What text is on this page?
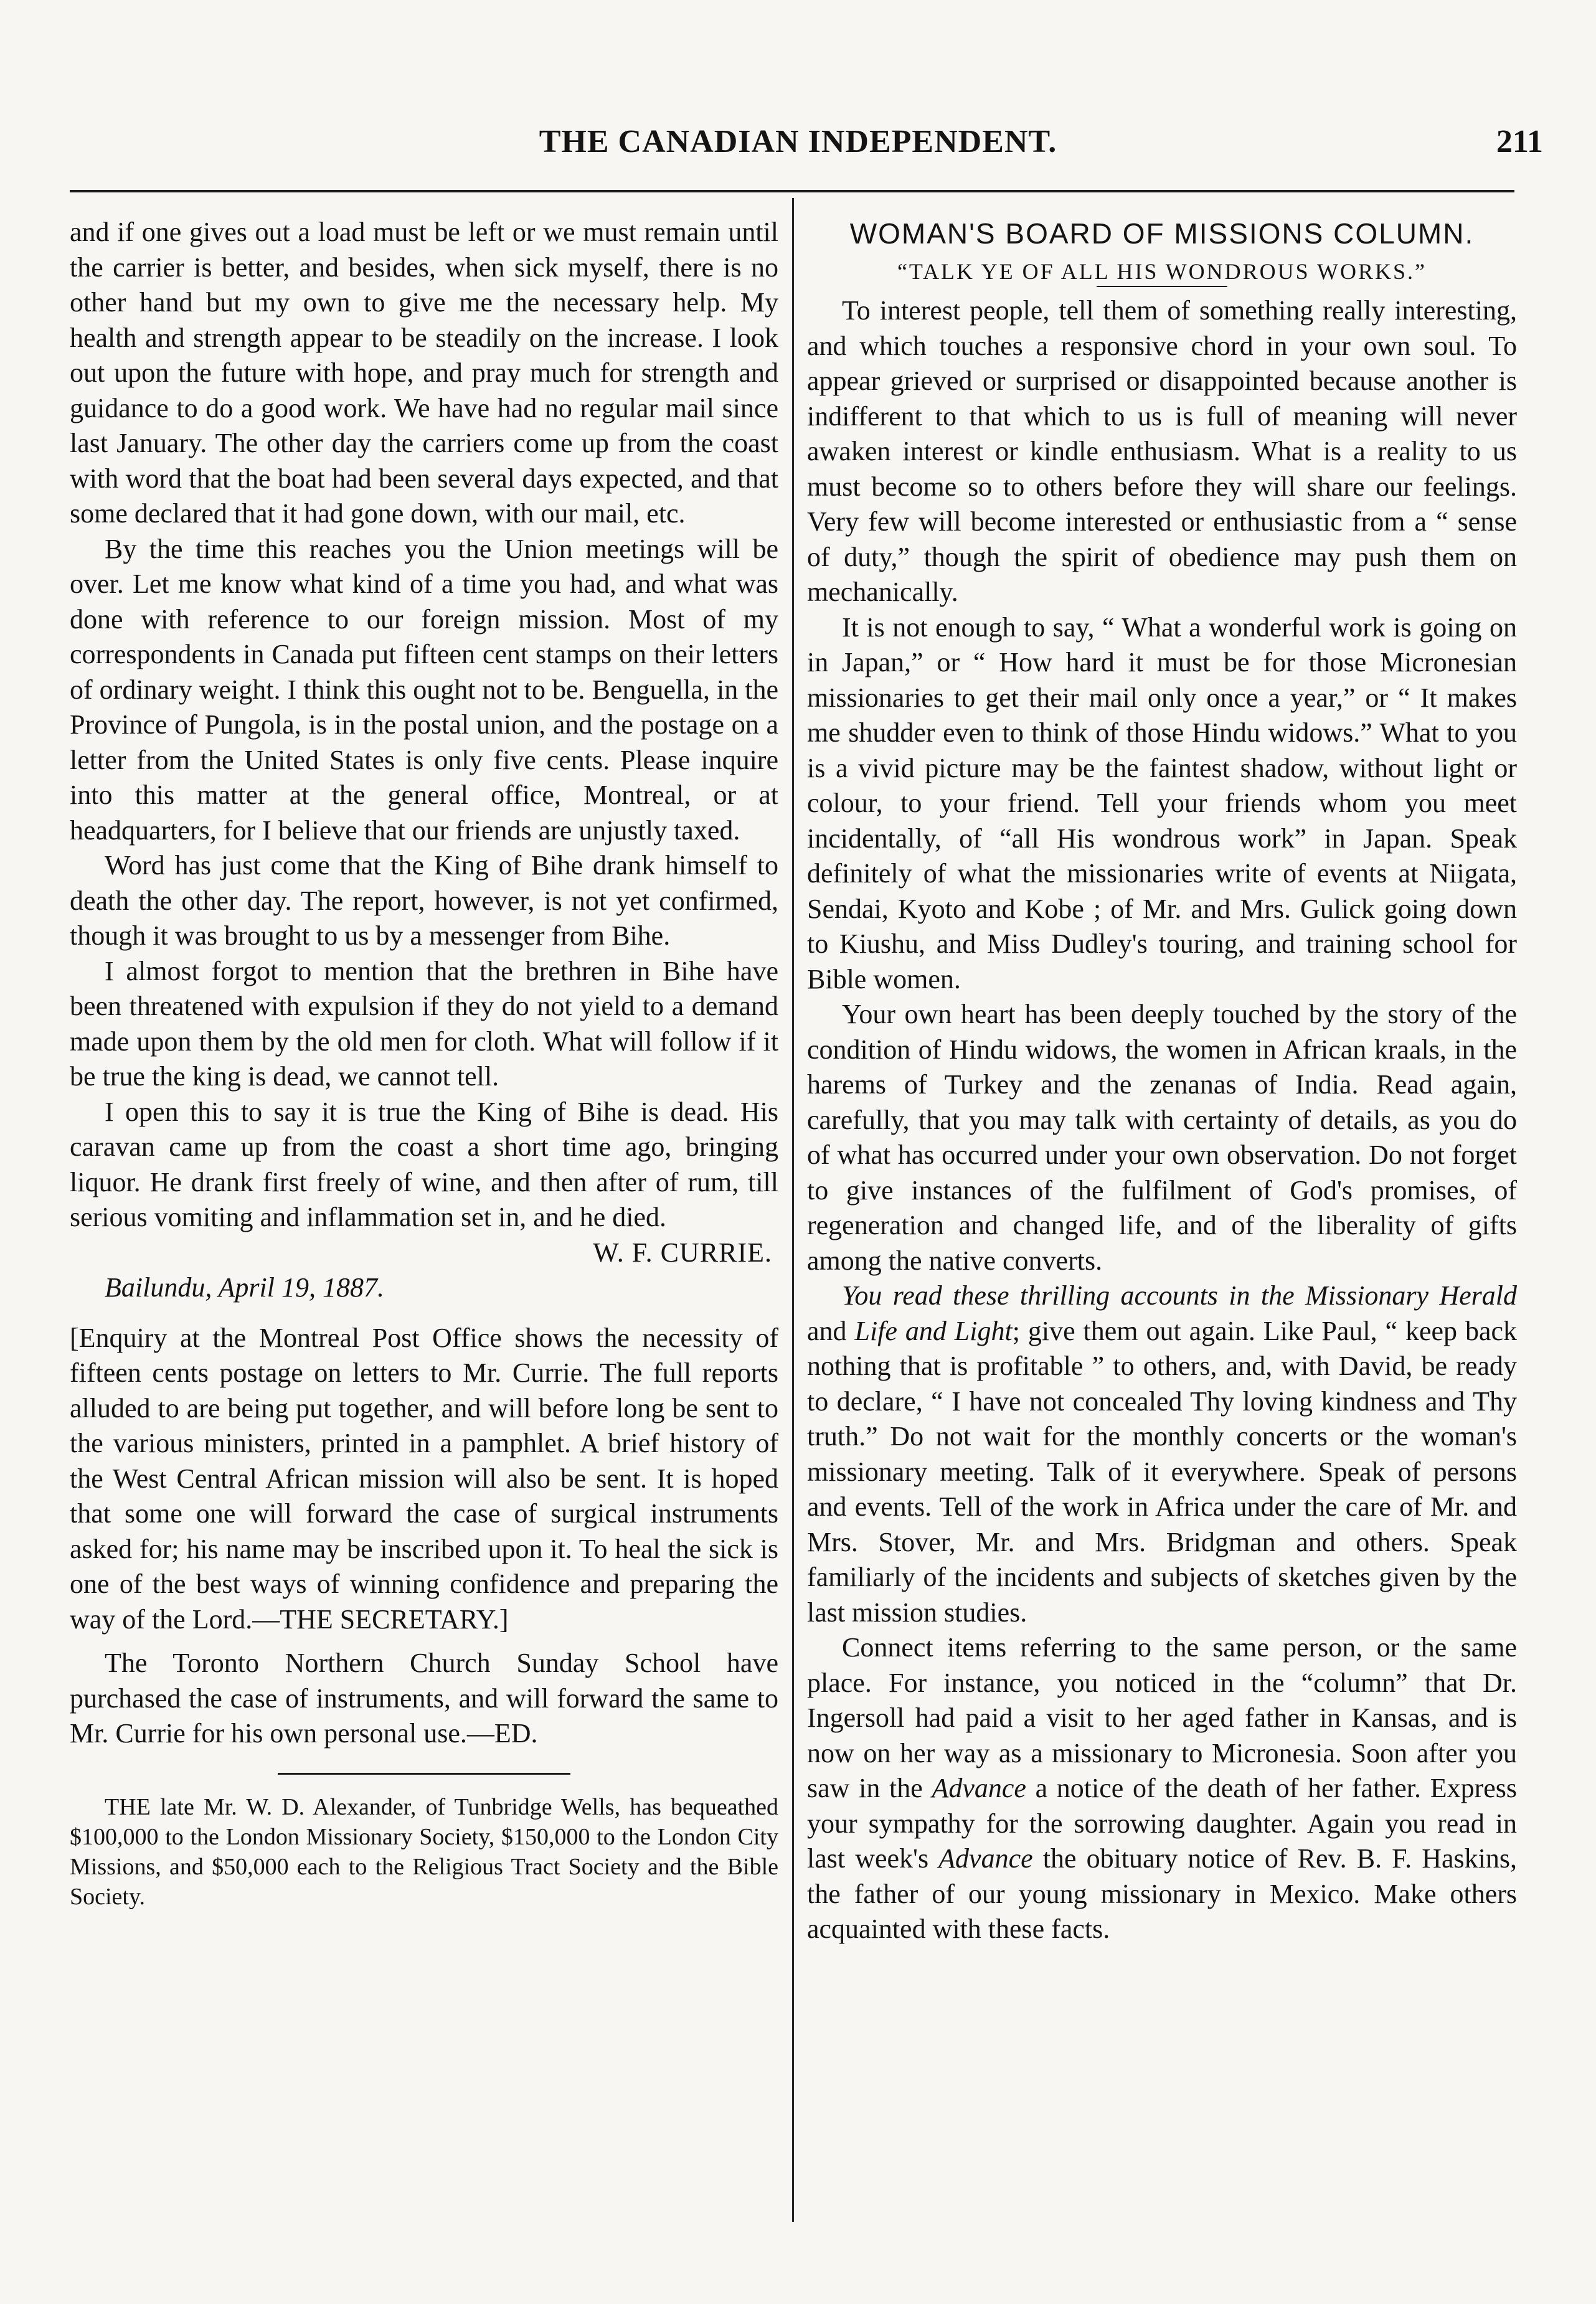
THE CANADIAN INDEPENDENT.	211

and if one gives out a load must be left or we must remain until the carrier is better, and besides, when sick myself, there is no other hand but my own to give me the necessary help. My health and strength appear to be steadily on the increase. I look out upon the future with hope, and pray much for strength and guidance to do a good work. We have had no regular mail since last January. The other day the carriers come up from the coast with word that the boat had been several days expected, and that some declared that it had gone down, with our mail, etc.

By the time this reaches you the Union meetings will be over. Let me know what kind of a time you had, and what was done with reference to our foreign mission. Most of my correspondents in Canada put fifteen cent stamps on their letters of ordinary weight. I think this ought not to be. Benguella, in the Province of Pungola, is in the postal union, and the postage on a letter from the United States is only five cents. Please inquire into this matter at the general office, Montreal, or at headquarters, for I believe that our friends are unjustly taxed.

Word has just come that the King of Bihe drank himself to death the other day. The report, however, is not yet confirmed, though it was brought to us by a messenger from Bihe.

I almost forgot to mention that the brethren in Bihe have been threatened with expulsion if they do not yield to a demand made upon them by the old men for cloth. What will follow if it be true the king is dead, we cannot tell.

I open this to say it is true the King of Bihe is dead. His caravan came up from the coast a short time ago, bringing liquor. He drank first freely of wine, and then after of rum, till serious vomiting and inflammation set in, and he died.

W. F. CURRIE.

Bailundu, April 19, 1887.

[Enquiry at the Montreal Post Office shows the necessity of fifteen cents postage on letters to Mr. Currie. The full reports alluded to are being put together, and will before long be sent to the various ministers, printed in a pamphlet. A brief history of the West Central African mission will also be sent. It is hoped that some one will forward the case of surgical instruments asked for; his name may be inscribed upon it. To heal the sick is one of the best ways of winning confidence and preparing the way of the Lord.—THE SECRETARY.]

The Toronto Northern Church Sunday School have purchased the case of instruments, and will forward the same to Mr. Currie for his own personal use.—ED.

THE late Mr. W. D. Alexander, of Tunbridge Wells, has bequeathed $100,000 to the London Missionary Society, $150,000 to the London City Missions, and $50,000 each to the Religious Tract Society and the Bible Society.

WOMAN'S BOARD OF MISSIONS COLUMN.
“TALK YE OF ALL HIS WONDROUS WORKS.”

To interest people, tell them of something really interesting, and which touches a responsive chord in your own soul. To appear grieved or surprised or disappointed because another is indifferent to that which to us is full of meaning will never awaken interest or kindle enthusiasm. What is a reality to us must become so to others before they will share our feelings. Very few will become interested or enthusiastic from a “ sense of duty,” though the spirit of obedience may push them on mechanically.

It is not enough to say, “ What a wonderful work is going on in Japan,” or “ How hard it must be for those Micronesian missionaries to get their mail only once a year,” or “ It makes me shudder even to think of those Hindu widows.” What to you is a vivid picture may be the faintest shadow, without light or colour, to your friend. Tell your friends whom you meet incidentally, of “all His wondrous work” in Japan. Speak definitely of what the missionaries write of events at Niigata, Sendai, Kyoto and Kobe ; of Mr. and Mrs. Gulick going down to Kiushu, and Miss Dudley's touring, and training school for Bible women.

Your own heart has been deeply touched by the story of the condition of Hindu widows, the women in African kraals, in the harems of Turkey and the zenanas of India. Read again, carefully, that you may talk with certainty of details, as you do of what has occurred under your own observation. Do not forget to give instances of the fulfilment of God's promises, of regeneration and changed life, and of the liberality of gifts among the native converts.

You read these thrilling accounts in the Missionary Herald and Life and Light; give them out again. Like Paul, “ keep back nothing that is profitable ” to others, and, with David, be ready to declare, “ I have not concealed Thy loving kindness and Thy truth.” Do not wait for the monthly concerts or the woman's missionary meeting. Talk of it everywhere. Speak of persons and events. Tell of the work in Africa under the care of Mr. and Mrs. Stover, Mr. and Mrs. Bridgman and others. Speak familiarly of the incidents and subjects of sketches given by the last mission studies.

Connect items referring to the same person, or the same place. For instance, you noticed in the “column” that Dr. Ingersoll had paid a visit to her aged father in Kansas, and is now on her way as a missionary to Micronesia. Soon after you saw in the Advance a notice of the death of her father. Express your sympathy for the sorrowing daughter. Again you read in last week's Advance the obituary notice of Rev. B. F. Haskins, the father of our young missionary in Mexico. Make others acquainted with these facts.
